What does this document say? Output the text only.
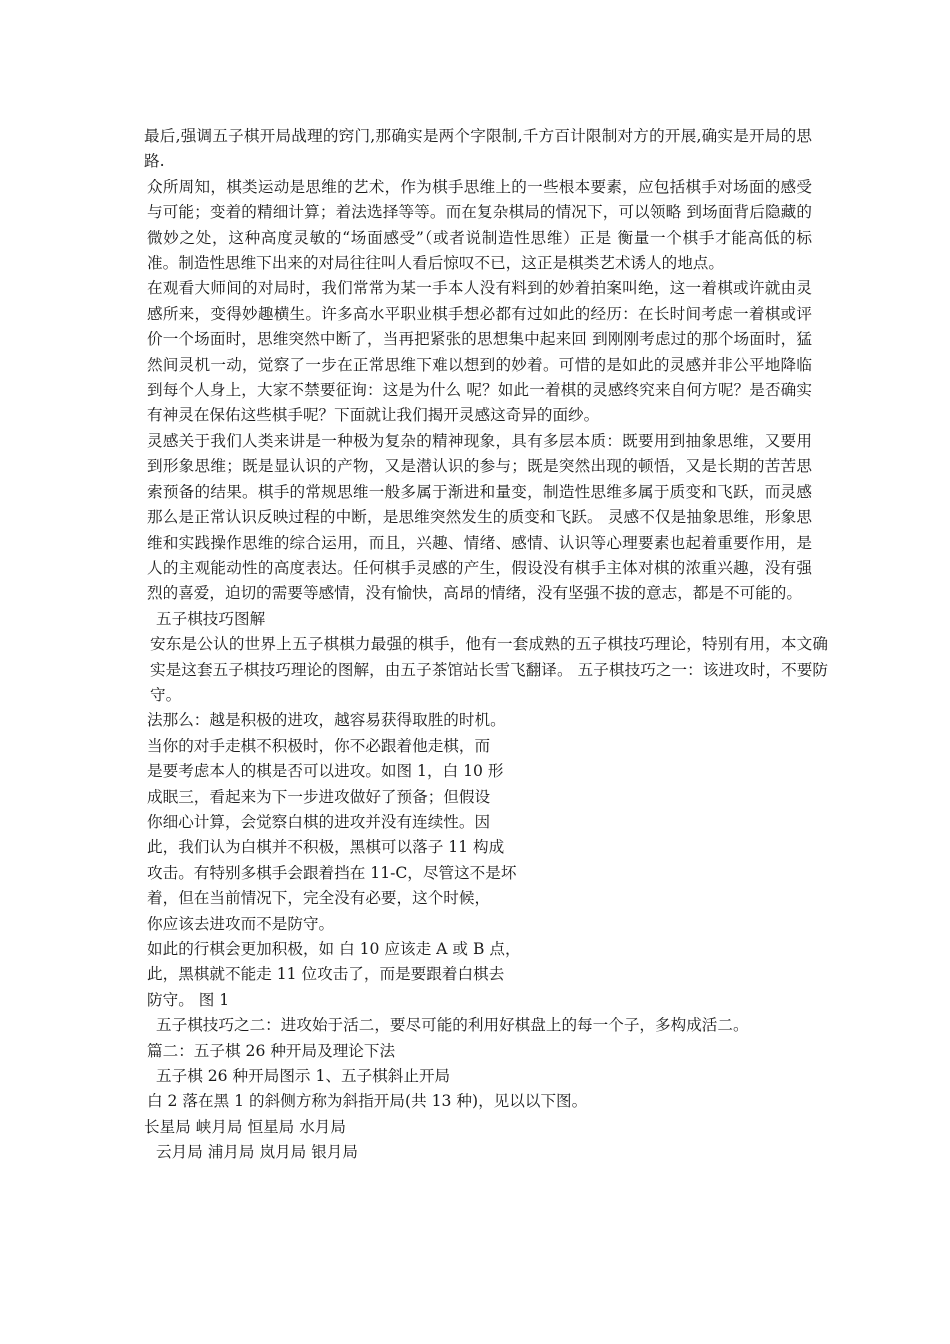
最后,强调五子棋开局战理的窍门,那确实是两个字限制,千方百计限制对方的开展,确实是开局的思路.

众所周知，棋类运动是思维的艺术，作为棋手思维上的一些根本要素，应包括棋手对场面的感受与可能；变着的精细计算；着法选择等等。而在复杂棋局的情况下，可以领略 到场面背后隐藏的微妙之处，这种高度灵敏的“场面感受”（或者说制造性思维）正是 衡量一个棋手才能高低的标准。制造性思维下出来的对局往往叫人看后惊叹不已，这正是棋类艺术诱人的地点。

在观看大师间的对局时，我们常常为某一手本人没有料到的妙着拍案叫绝，这一着棋或许就由灵感所来，变得妙趣横生。许多高水平职业棋手想必都有过如此的经历：在长时间考虑一着棋或评价一个场面时，思维突然中断了，当再把紧张的思想集中起来回 到刚刚考虑过的那个场面时，猛然间灵机一动，觉察了一步在正常思维下难以想到的妙着。可惜的是如此的灵感并非公平地降临到每个人身上，大家不禁要征询：这是为什么 呢？如此一着棋的灵感终究来自何方呢？是否确实有神灵在保佑这些棋手呢？下面就让我们揭开灵感这奇异的面纱。

灵感关于我们人类来讲是一种极为复杂的精神现象，具有多层本质：既要用到抽象思维，又要用到形象思维；既是显认识的产物，又是潜认识的参与；既是突然出现的顿悟，又是长期的苦苦思索预备的结果。棋手的常规思维一般多属于渐进和量变，制造性思维多属于质变和飞跃，而灵感那么是正常认识反映过程的中断，是思维突然发生的质变和飞跃。 灵感不仅是抽象思维，形象思维和实践操作思维的综合运用，而且，兴趣、情绪、感情、认识等心理要素也起着重要作用，是人的主观能动性的高度表达。任何棋手灵感的产生，假设没有棋手主体对棋的浓重兴趣，没有强烈的喜爱，迫切的需要等感情，没有愉快，高昂的情绪，没有坚强不拔的意志，都是不可能的。

五子棋技巧图解

安东是公认的世界上五子棋棋力最强的棋手，他有一套成熟的五子棋技巧理论，特别有用，本文确实是这套五子棋技巧理论的图解，由五子茶馆站长雪飞翻译。 五子棋技巧之一：该进攻时，不要防守。

法那么：越是积极的进攻，越容易获得取胜的时机。
当你的对手走棋不积极时，你不必跟着他走棋，而
是要考虑本人的棋是否可以进攻。如图 1，白 10 形
成眠三，看起来为下一步进攻做好了预备；但假设
你细心计算，会觉察白棋的进攻并没有连续性。因
此，我们认为白棋并不积极，黑棋可以落子 11 构成
攻击。有特别多棋手会跟着挡在 11-C，尽管这不是坏
着，但在当前情况下，完全没有必要，这个时候，
你应该去进攻而不是防守。
如此的行棋会更加积极，如 白 10 应该走 A 或 B 点，
此，黑棋就不能走 11 位攻击了，而是要跟着白棋去
防守。 图 1

五子棋技巧之二：进攻始于活二，要尽可能的利用好棋盘上的每一个子，多构成活二。

篇二：五子棋 26 种开局及理论下法

五子棋 26 种开局图示 1、五子棋斜止开局

白 2 落在黑 1 的斜侧方称为斜指开局(共 13 种)，见以以下图。

长星局 峡月局 恒星局 水月局

云月局 浦月局 岚月局 银月局
